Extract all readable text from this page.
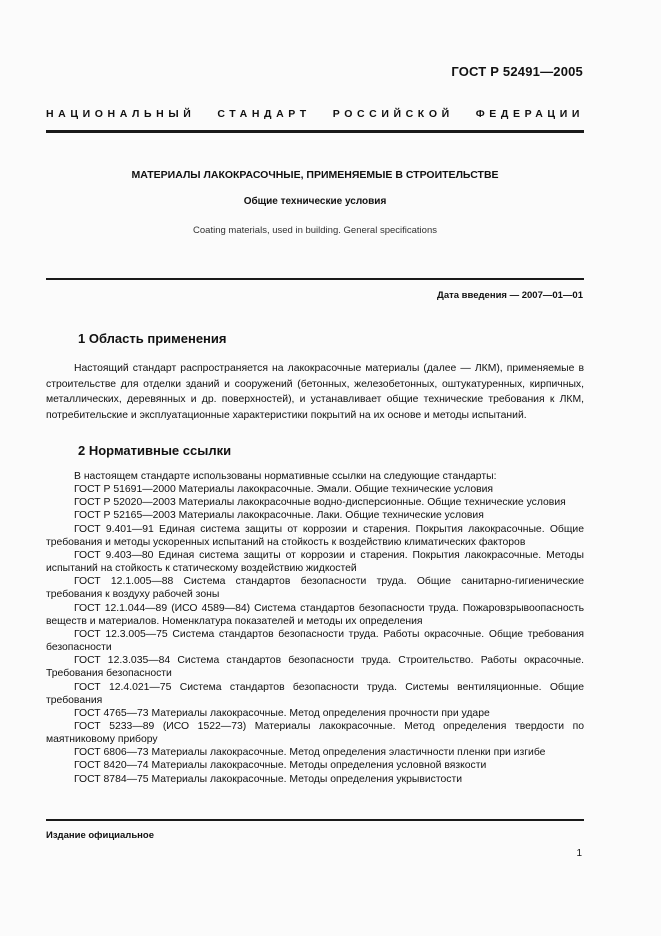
ГОСТ Р 52491—2005
НАЦИОНАЛЬНЫЙ СТАНДАРТ РОССИЙСКОЙ ФЕДЕРАЦИИ
МАТЕРИАЛЫ ЛАКОКРАСОЧНЫЕ, ПРИМЕНЯЕМЫЕ В СТРОИТЕЛЬСТВЕ
Общие технические условия
Coating materials, used in building. General specifications
Дата введения — 2007—01—01
1 Область применения

Настоящий стандарт распространяется на лакокрасочные материалы (далее — ЛКМ), применяемые в строительстве для отделки зданий и сооружений (бетонных, железобетонных, оштукатуренных, кирпичных, металлических, деревянных и др. поверхностей), и устанавливает общие технические требования к ЛКМ, потребительские и эксплуатационные характеристики покрытий на их основе и методы испытаний.

2 Нормативные ссылки

В настоящем стандарте использованы нормативные ссылки на следующие стандарты:

ГОСТ Р 51691—2000 Материалы лакокрасочные. Эмали. Общие технические условия

ГОСТ Р 52020—2003 Материалы лакокрасочные водно-дисперсионные. Общие технические условия

ГОСТ Р 52165—2003 Материалы лакокрасочные. Лаки. Общие технические условия

ГОСТ 9.401—91 Единая система защиты от коррозии и старения. Покрытия лакокрасочные. Общие требования и методы ускоренных испытаний на стойкость к воздействию климатических факторов

ГОСТ 9.403—80 Единая система защиты от коррозии и старения. Покрытия лакокрасочные. Методы испытаний на стойкость к статическому воздействию жидкостей

ГОСТ 12.1.005—88 Система стандартов безопасности труда. Общие санитарно-гигиенические требования к воздуху рабочей зоны

ГОСТ 12.1.044—89 (ИСО 4589—84) Система стандартов безопасности труда. Пожаровзрывоопасность веществ и материалов. Номенклатура показателей и методы их определения

ГОСТ 12.3.005—75 Система стандартов безопасности труда. Работы окрасочные. Общие требования безопасности

ГОСТ 12.3.035—84 Система стандартов безопасности труда. Строительство. Работы окрасочные. Требования безопасности

ГОСТ 12.4.021—75 Система стандартов безопасности труда. Системы вентиляционные. Общие требования

ГОСТ 4765—73 Материалы лакокрасочные. Метод определения прочности при ударе

ГОСТ 5233—89 (ИСО 1522—73) Материалы лакокрасочные. Метод определения твердости по маятниковому прибору

ГОСТ 6806—73 Материалы лакокрасочные. Метод определения эластичности пленки при изгибе

ГОСТ 8420—74 Материалы лакокрасочные. Методы определения условной вязкости

ГОСТ 8784—75 Материалы лакокрасочные. Методы определения укрывистости

Издание официальное
1
